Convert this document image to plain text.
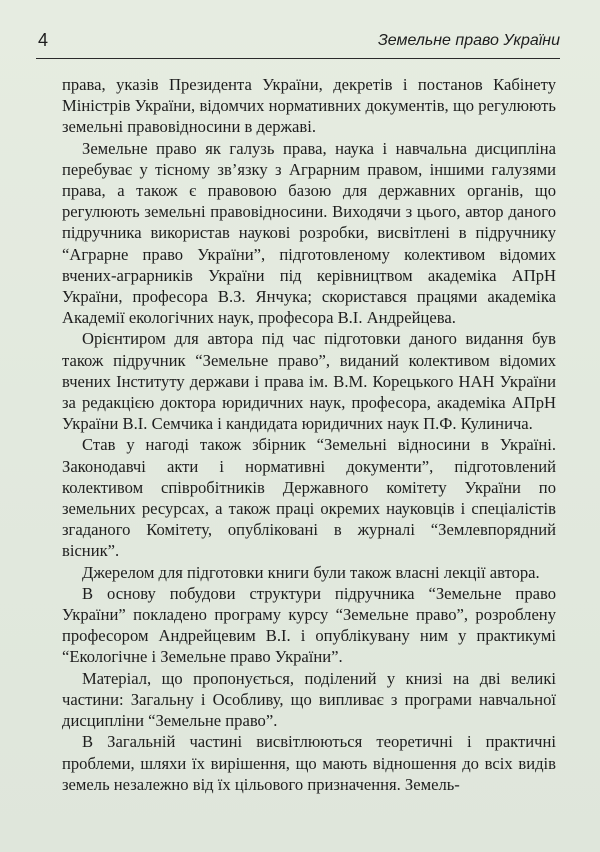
4	Земельне право України

права, указів Президента України, декретів і постанов Кабінету Міністрів України, відомчих нормативних документів, що регулюють земельні правовідносини в державі.

Земельне право як галузь права, наука і навчальна дисципліна перебуває у тісному зв’язку з Аграрним правом, іншими галузями права, а також є правовою базою для державних органів, що регулюють земельні правовідносини. Виходячи з цього, автор даного підручника використав наукові розробки, висвітлені в підручнику “Аграрне право України”, підготовленому колективом відомих вчених-аграрників України під керівництвом академіка АПрН України, професора В.З. Янчука; скористався працями академіка Академії екологічних наук, професора В.І. Андрейцева.

Орієнтиром для автора під час підготовки даного видання був також підручник “Земельне право”, виданий колективом відомих вчених Інституту держави і права ім. В.М. Корецького НАН України за редакцією доктора юридичних наук, професора, академіка АПрН України В.І. Семчика і кандидата юридичних наук П.Ф. Кулинича.

Став у нагоді також збірник “Земельні відносини в Україні. Законодавчі акти і нормативні документи”, підготовлений колективом співробітників Державного комітету України по земельних ресурсах, а також праці окремих науковців і спеціалістів згаданого Комітету, опубліковані в журналі “Землевпорядний вісник”.

Джерелом для підготовки книги були також власні лекції автора.

В основу побудови структури підручника “Земельне право України” покладено програму курсу “Земельне право”, розроблену професором Андрейцевим В.І. і опублікувану ним у практикумі “Екологічне і Земельне право України”.

Матеріал, що пропонується, поділений у книзі на дві великі частини: Загальну і Особливу, що випливає з програми навчальної дисципліни “Земельне право”.

В Загальній частині висвітлюються теоретичні і практичні проблеми, шляхи їх вирішення, що мають відношення до всіх видів земель незалежно від їх цільового призначення. Земель-
